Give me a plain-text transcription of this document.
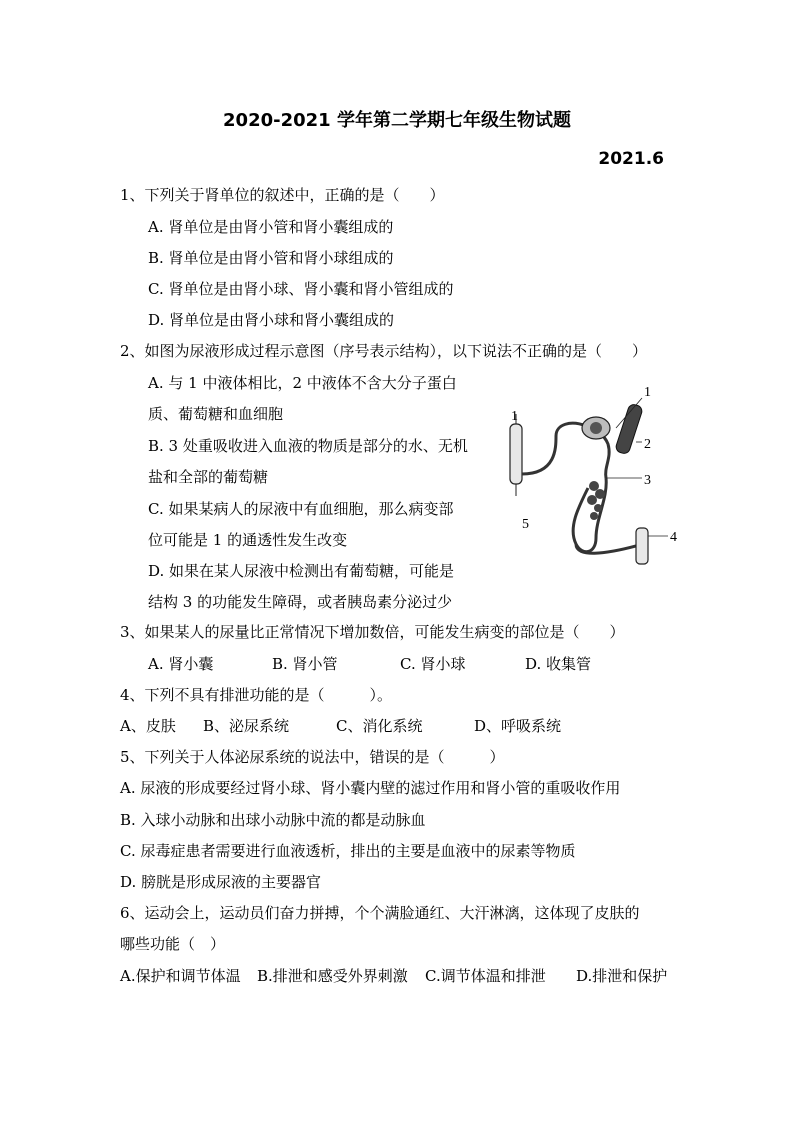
2020-2021 学年第二学期七年级生物试题
2021.6
1、下列关于肾单位的叙述中，正确的是（　　）
A. 肾单位是由肾小管和肾小囊组成的
B. 肾单位是由肾小管和肾小球组成的
C. 肾单位是由肾小球、肾小囊和肾小管组成的
D. 肾单位是由肾小球和肾小囊组成的
2、如图为尿液形成过程示意图（序号表示结构），以下说法不正确的是（　　）
A. 与 1 中液体相比，2 中液体不含大分子蛋白
质、葡萄糖和血细胞
B. 3 处重吸收进入血液的物质是部分的水、无机
盐和全部的葡萄糖
C. 如果某病人的尿液中有血细胞，那么病变部
位可能是 1 的通透性发生改变
D. 如果在某人尿液中检测出有葡萄糖，可能是
结构 3 的功能发生障碍，或者胰岛素分泌过少
1
2
3
4
5
1
3、如果某人的尿量比正常情况下增加数倍，可能发生病变的部位是（　　）
A. 肾小囊	B. 肾小管	C. 肾小球	D. 收集管
4、下列不具有排泄功能的是（　　　）。
A、皮肤 B、泌尿系统	C、消化系统	D、呼吸系统
5、下列关于人体泌尿系统的说法中，错误的是（　　　）
A. 尿液的形成要经过肾小球、肾小囊内壁的滤过作用和肾小管的重吸收作用
B. 入球小动脉和出球小动脉中流的都是动脉血
C. 尿毒症患者需要进行血液透析，排出的主要是血液中的尿素等物质
D. 膀胱是形成尿液的主要器官
6、运动会上，运动员们奋力拼搏，个个满脸通红、大汗淋漓，这体现了皮肤的
哪些功能（　）
A.保护和调节体温 B.排泄和感受外界刺激 C.调节体温和排泄 D.排泄和保护
